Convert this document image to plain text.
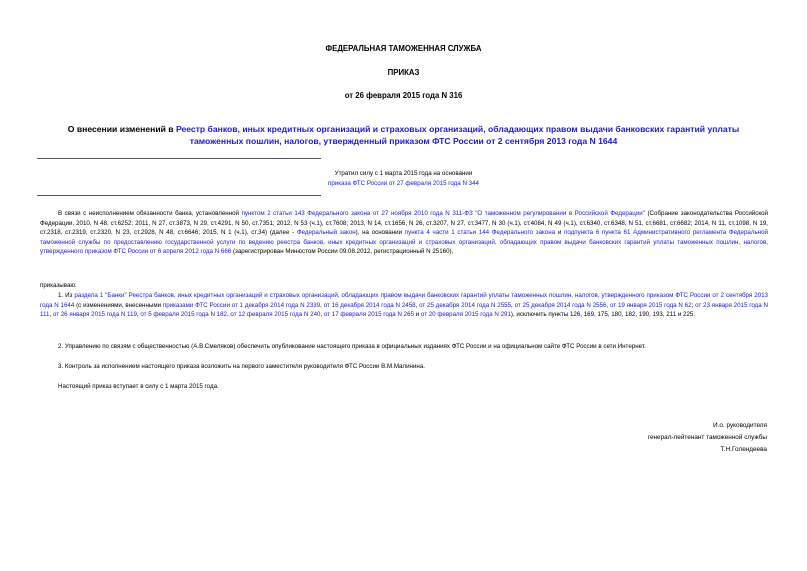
ФЕДЕРАЛЬНАЯ ТАМОЖЕННАЯ СЛУЖБА
ПРИКАЗ
от 26 февраля 2015 года N 316
О внесении изменений в Реестр банков, иных кредитных организаций и страховых организаций, обладающих правом выдачи банковских гарантий уплаты таможенных пошлин, налогов, утвержденный приказом ФТС России от 2 сентября 2013 года N 1644
Утратил силу с 1 марта 2015 года на основании
приказа ФТС России от 27 февраля 2015 года N 344
В связи с неисполнением обязанности банка, установленной пунктом 2 статьи 143 Федерального закона от 27 ноября 2010 года N 311-ФЗ "О таможенном регулировании в Российской Федерации" (Собрание законодательства Российской Федерации, 2010, N 48, ст.6252; 2011, N 27, ст.3873, N 29, ст.4291, N 50, ст.7351; 2012, N 53 (ч.1), ст.7608; 2013, N 14, ст.1656, N 26, ст.3207, N 27, ст.3477, N 30 (ч.1), ст.4084, N 49 (ч.1), ст.6340, ст.6348, N 51, ст.6681, ст.6682; 2014, N 11, ст.1098, N 19, ст.2318, ст.2319, ст.2320, N 23, ст.2928, N 48, ст.6646; 2015, N 1 (ч.1), ст.34) (далее - Федеральный закон), на основании пункта 4 части 1 статьи 144 Федерального закона и подпункта 6 пункта 61 Административного регламента Федеральной таможенной службы по предоставлению государственной услуги по ведению реестра банков, иных кредитных организаций и страховых организаций, обладающих правом выдачи банковских гарантий уплаты таможенных пошлин, налогов, утвержденного приказом ФТС России от 6 апреля 2012 года N 666 (зарегистрирован Минюстом России 09.08.2012, регистрационный N 25160),
приказываю:
1. Из раздела 1 "Банки" Реестра банков, иных кредитных организаций и страховых организаций, обладающих правом выдачи банковских гарантий уплаты таможенных пошлин, налогов, утвержденного приказом ФТС России от 2 сентября 2013 года N 1644 (с изменениями, внесенными приказами ФТС России от 1 декабря 2014 года N 2339, от 16 декабря 2014 года N 2458, от 25 декабря 2014 года N 2555, от 25 декабря 2014 года N 2556, от 19 января 2015 года N 62; от 23 января 2015 года N 111, от 26 января 2015 года N 119, от 5 февраля 2015 года N 182, от 12 февраля 2015 года N 240, от 17 февраля 2015 года N 265 и от 20 февраля 2015 года N 291), исключить пункты 126, 169, 175, 180, 182, 190, 193, 211 и 225.
2. Управлению по связям с общественностью (А.В.Смеляков) обеспечить опубликование настоящего приказа в официальных изданиях ФТС России и на официальном сайте ФТС России в сети Интернет.
3. Контроль за исполнением настоящего приказа возложить на первого заместителя руководителя ФТС России В.М.Малинина.
Настоящий приказ вступает в силу с 1 марта 2015 года.
И.о. руководителя
генерал-лейтенант таможенной службы
Т.Н.Голендеева
